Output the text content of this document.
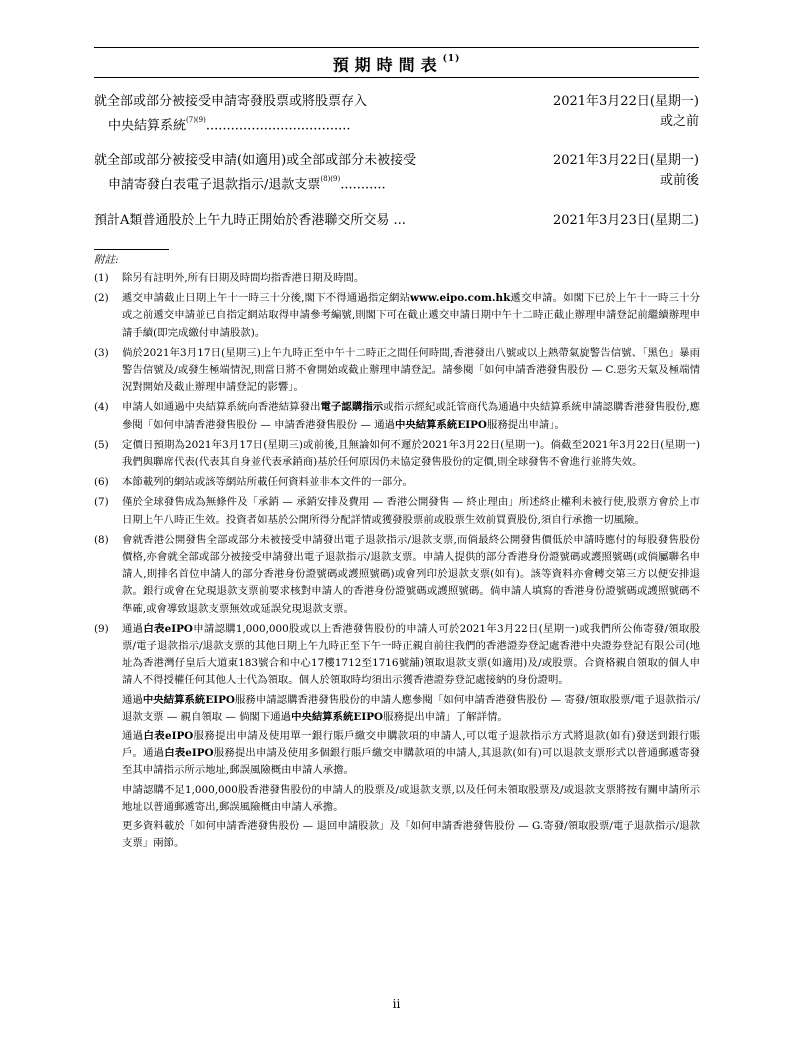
預期時間表$^{(1)}$
就全部或部分被接受申請寄發股票或將股票存入	2021年3月22日(星期一)
中央結算系統$^{(7)(9)}$...................................	或之前
就全部或部分被接受申請(如適用)或全部或部分未被接受	2021年3月22日(星期一)
申請寄發白表電子退款指示/退款支票$^{(8)(9)}$...........	或前後
預計A類普通股於上午九時正開始於香港聯交所交易 ...	2021年3月23日(星期二)
附註:
(1) 除另有註明外,所有日期及時間均指香港日期及時間。

(2) 遞交申請截止日期上午十一時三十分後,閣下不得通過指定網站www.eipo.com.hk遞交申請。如閣下已於上午十一時三十分或之前遞交申請並已自指定網站取得申請參考編號,則閣下可在截止遞交申請日期中午十二時正截止辦理申請登記前繼續辦理申請手續(即完成繳付申請股款)。

(3) 倘於2021年3月17日(星期三)上午九時正至中午十二時正之間任何時間,香港發出八號或以上熱帶氣旋警告信號、「黑色」暴雨警告信號及/或發生極端情況,則當日將不會開始或截止辦理申請登記。請參閱「如何申請香港發售股份 — C.惡劣天氣及極端情況對開始及截止辦理申請登記的影響」。

(4) 申請人如通過中央結算系統向香港結算發出電子認購指示或指示經紀或託管商代為通過中央結算系統申請認購香港發售股份,應參閱「如何申請香港發售股份 — 申請香港發售股份 — 通過中央結算系統EIPO服務提出申請」。

(5) 定價日預期為2021年3月17日(星期三)或前後,且無論如何不遲於2021年3月22日(星期一)。倘截至2021年3月22日(星期一)我們與聯席代表(代表其自身並代表承銷商)基於任何原因仍未協定發售股份的定價,則全球發售不會進行並將失效。

(6) 本節載列的網站或該等網站所載任何資料並非本文件的一部分。

(7) 僅於全球發售成為無條件及「承銷 — 承銷安排及費用 — 香港公開發售 — 終止理由」所述終止權利未被行使,股票方會於上市日期上午八時正生效。投資者如基於公開所得分配詳情或獲發股票前或股票生效前買賣股份,須自行承擔一切風險。

(8) 會就香港公開發售全部或部分未被接受申請發出電子退款指示/退款支票,而倘最終公開發售價低於申請時應付的每股發售股份價格,亦會就全部或部分被接受申請發出電子退款指示/退款支票。申請人提供的部分香港身份證號碼或護照號碼(或倘屬聯名申請人,則排名首位申請人的部分香港身份證號碼或護照號碼)或會列印於退款支票(如有)。該等資料亦會轉交第三方以便安排退款。銀行或會在兌現退款支票前要求核對申請人的香港身份證號碼或護照號碼。倘申請人填寫的香港身份證號碼或護照號碼不準確,或會導致退款支票無效或延誤兌現退款支票。

(9) 通過白表eIPO申請認購1,000,000股或以上香港發售股份的申請人可於2021年3月22日(星期一)或我們所公佈寄發/領取股票/電子退款指示/退款支票的其他日期上午九時正至下午一時正親自前往我們的香港證券登記處香港中央證券登記有限公司(地址為香港灣仔皇后大道東183號合和中心17樓1712至1716號舖)領取退款支票(如適用)及/或股票。合資格親自領取的個人申請人不得授權任何其他人士代為領取。個人於領取時均須出示獲香港證券登記處接納的身份證明。

通過中央結算系統EIPO服務申請認購香港發售股份的申請人應參閱「如何申請香港發售股份 — 寄發/領取股票/電子退款指示/退款支票 — 親自領取 — 倘閣下通過中央結算系統EIPO服務提出申請」了解詳情。

通過白表eIPO服務提出申請及使用單一銀行賬戶繳交申購款項的申請人,可以電子退款指示方式將退款(如有)發送到銀行賬戶。通過白表eIPO服務提出申請及使用多個銀行賬戶繳交申購款項的申請人,其退款(如有)可以退款支票形式以普通郵遞寄發至其申請指示所示地址,郵誤風險概由申請人承擔。

申請認購不足1,000,000股香港發售股份的申請人的股票及/或退款支票,以及任何未領取股票及/或退款支票將按有關申請所示地址以普通郵遞寄出,郵誤風險概由申請人承擔。

更多資料載於「如何申請香港發售股份 — 退回申請股款」及「如何申請香港發售股份 — G.寄發/領取股票/電子退款指示/退款支票」兩節。

ii
